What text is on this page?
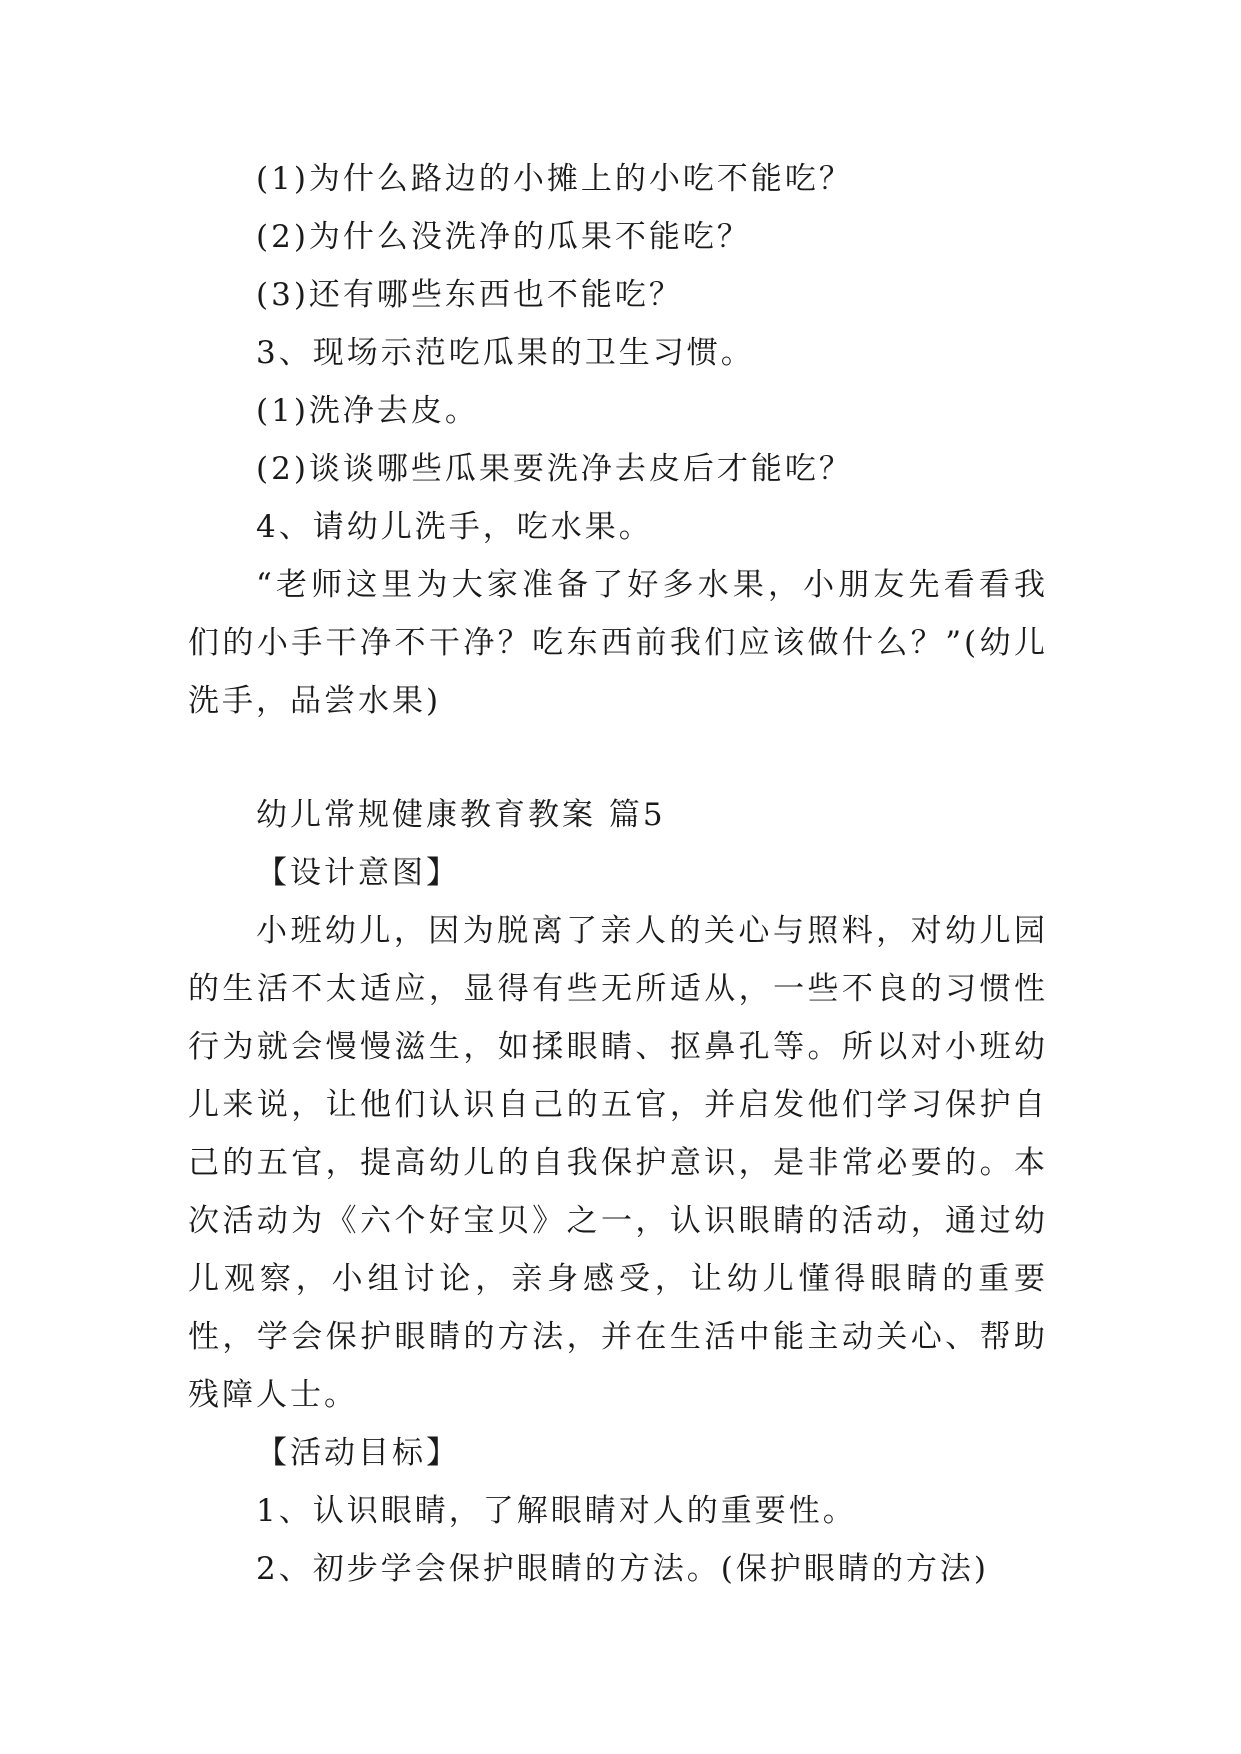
(1)为什么路边的小摊上的小吃不能吃？
(2)为什么没洗净的瓜果不能吃？
(3)还有哪些东西也不能吃？
3、现场示范吃瓜果的卫生习惯。
(1)洗净去皮。
(2)谈谈哪些瓜果要洗净去皮后才能吃？
4、请幼儿洗手，吃水果。
“老师这里为大家准备了好多水果，小朋友先看看我们的小手干净不干净？吃东西前我们应该做什么？”(幼儿洗手，品尝水果)
幼儿常规健康教育教案 篇5
【设计意图】
小班幼儿，因为脱离了亲人的关心与照料，对幼儿园的生活不太适应，显得有些无所适从，一些不良的习惯性行为就会慢慢滋生，如揉眼睛、抠鼻孔等。所以对小班幼儿来说，让他们认识自己的五官，并启发他们学习保护自己的五官，提高幼儿的自我保护意识，是非常必要的。本次活动为《六个好宝贝》之一，认识眼睛的活动，通过幼儿观察，小组讨论，亲身感受，让幼儿懂得眼睛的重要性，学会保护眼睛的方法，并在生活中能主动关心、帮助残障人士。
【活动目标】
1、认识眼睛，了解眼睛对人的重要性。
2、初步学会保护眼睛的方法。(保护眼睛的方法)
